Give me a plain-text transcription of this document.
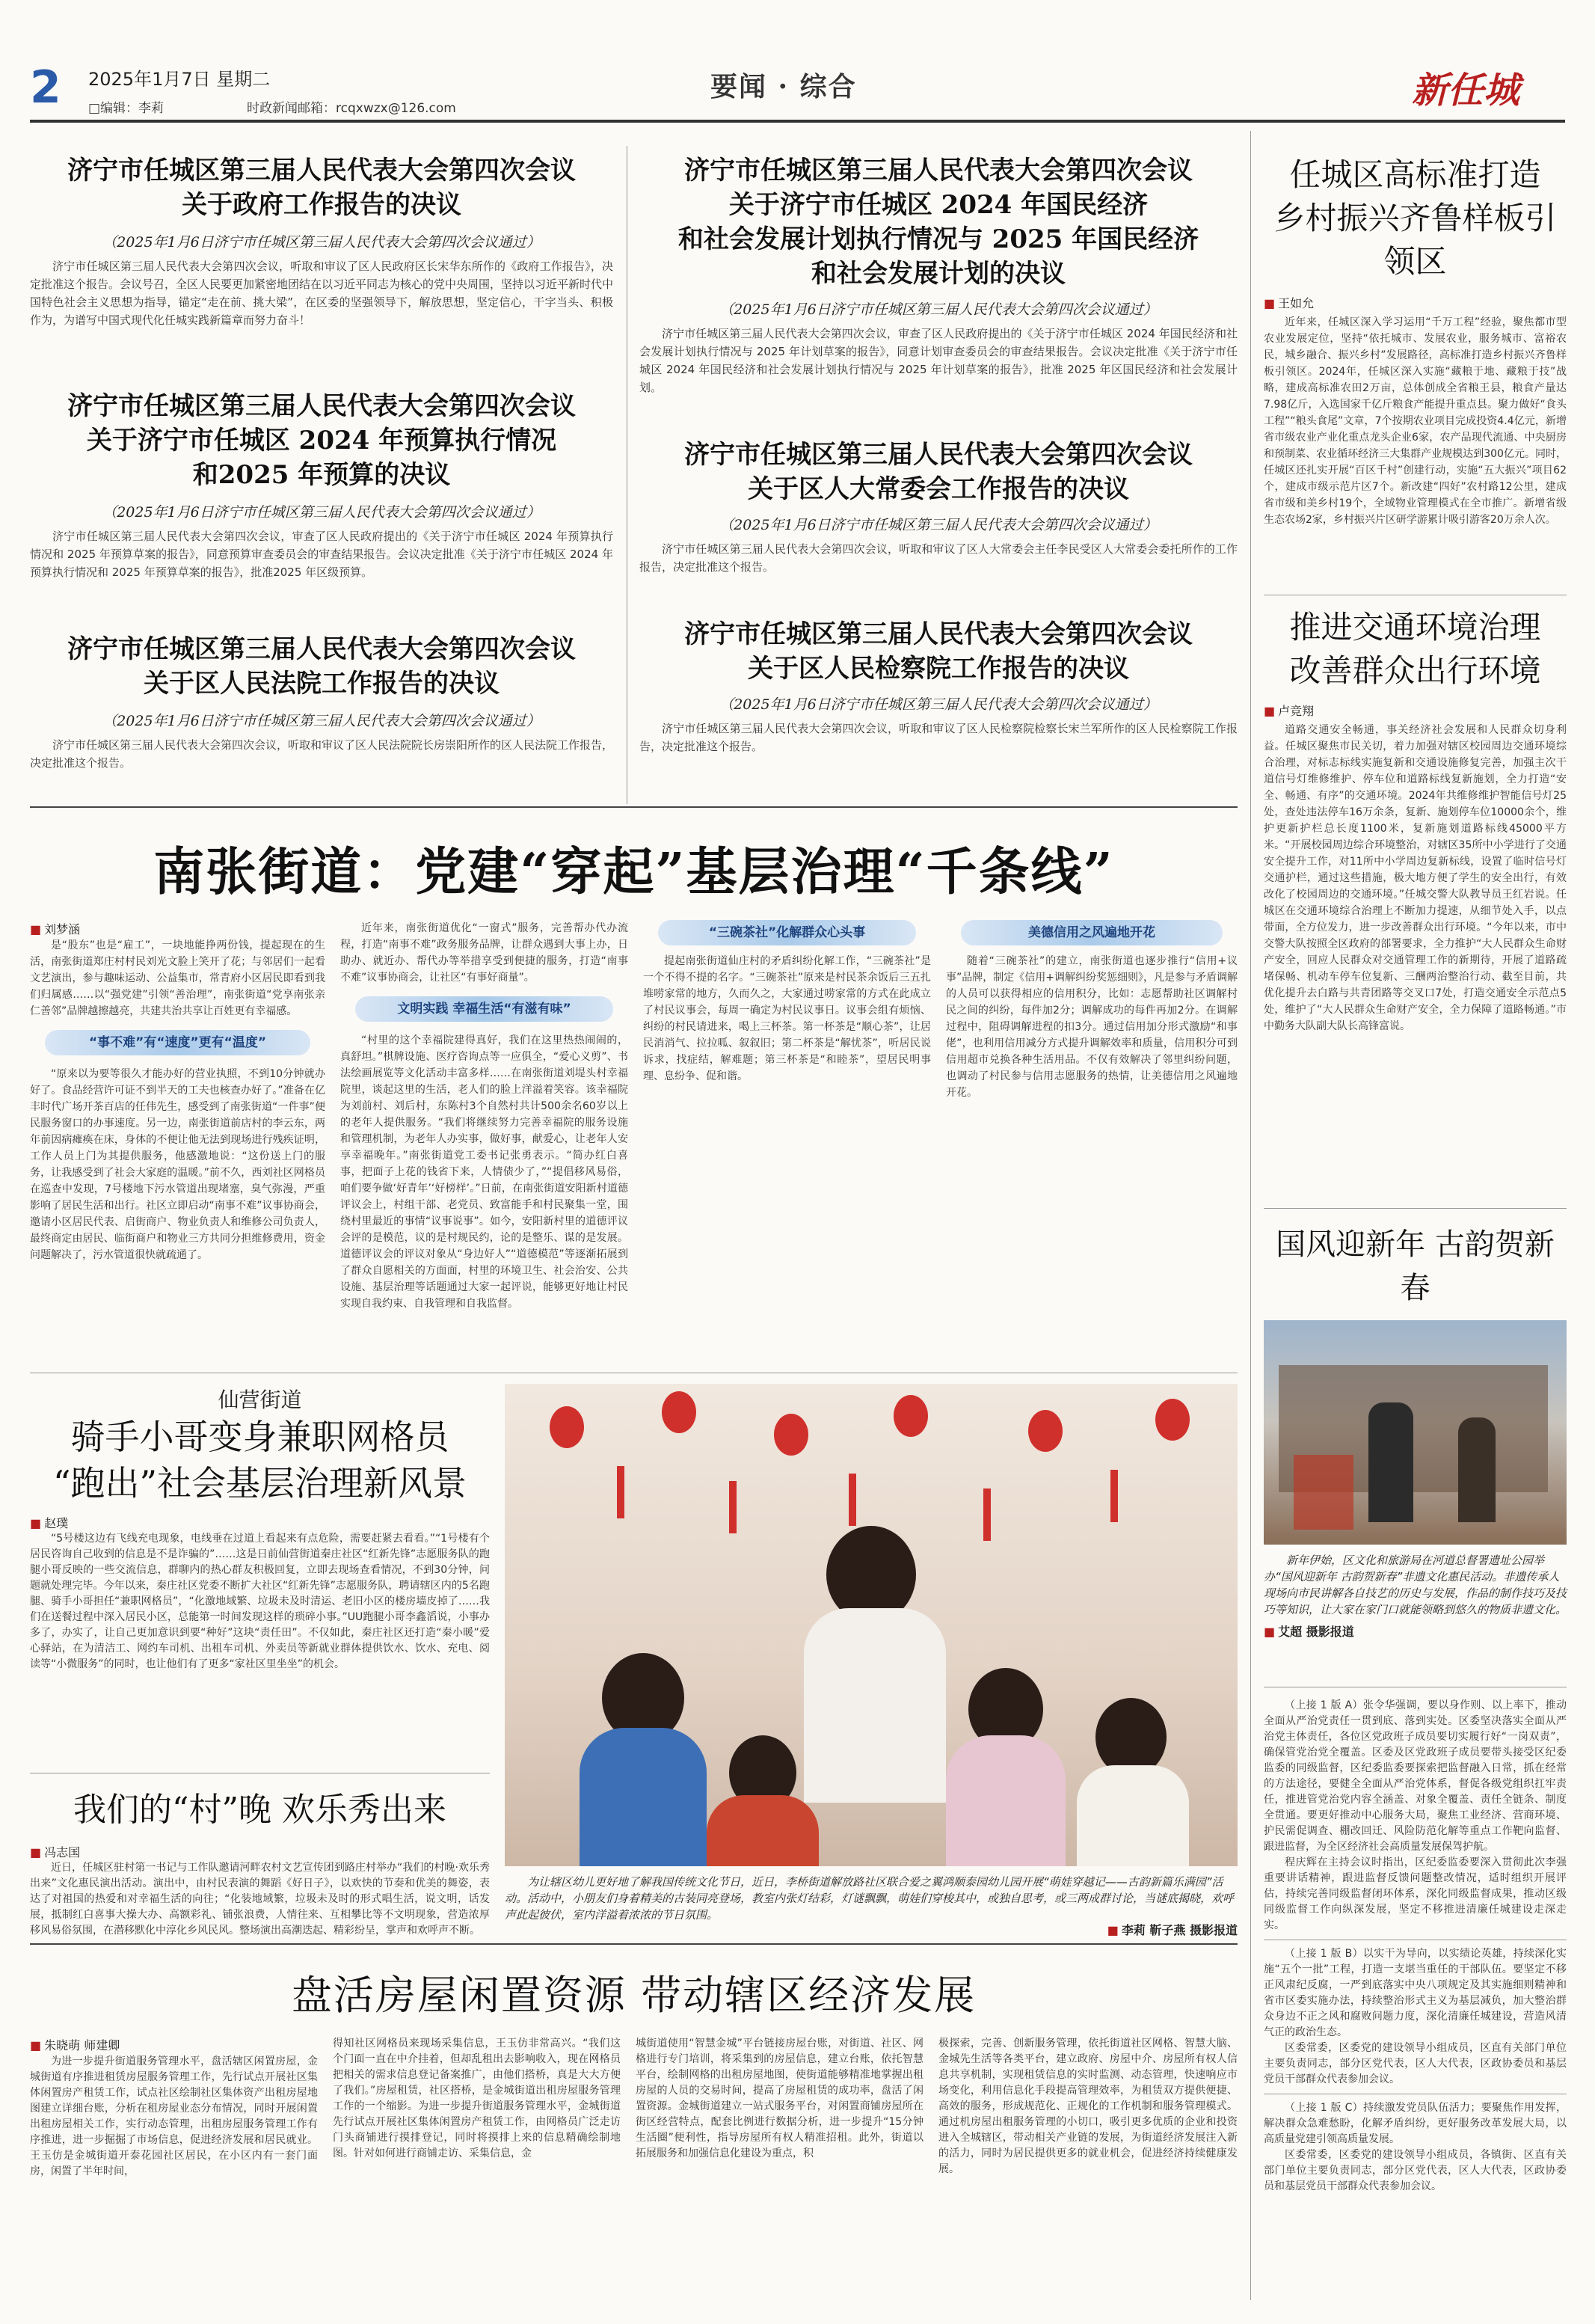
2 2025年1月7日 星期二
□编辑：李莉	时政新闻邮箱：rcqxwzx@126.com
要闻 · 综合	新任城
济宁市任城区第三届人民代表大会第四次会议
关于政府工作报告的决议
（2025年1月6日济宁市任城区第三届人民代表大会第四次会议通过）
济宁市任城区第三届人民代表大会第四次会议，听取和审议了区人民政府区长宋华东所作的《政府工作报告》，决定批准这个报告。会议号召，全区人民要更加紧密地团结在以习近平同志为核心的党中央周围，坚持以习近平新时代中国特色社会主义思想为指导，锚定“走在前、挑大梁”，在区委的坚强领导下，解放思想，坚定信心，干字当头、积极作为，为谱写中国式现代化任城实践新篇章而努力奋斗！
济宁市任城区第三届人民代表大会第四次会议
关于济宁市任城区 2024 年预算执行情况
和2025 年预算的决议
（2025年1月6日济宁市任城区第三届人民代表大会第四次会议通过）
济宁市任城区第三届人民代表大会第四次会议，审查了区人民政府提出的《关于济宁市任城区 2024 年预算执行情况和 2025 年预算草案的报告》，同意预算审查委员会的审查结果报告。会议决定批准《关于济宁市任城区 2024 年预算执行情况和 2025 年预算草案的报告》，批准2025 年区级预算。
济宁市任城区第三届人民代表大会第四次会议
关于区人民法院工作报告的决议
（2025年1月6日济宁市任城区第三届人民代表大会第四次会议通过）
济宁市任城区第三届人民代表大会第四次会议，听取和审议了区人民法院院长房崇阳所作的区人民法院工作报告，决定批准这个报告。
济宁市任城区第三届人民代表大会第四次会议
关于济宁市任城区 2024 年国民经济
和社会发展计划执行情况与 2025 年国民经济
和社会发展计划的决议
（2025年1月6日济宁市任城区第三届人民代表大会第四次会议通过）
济宁市任城区第三届人民代表大会第四次会议，审查了区人民政府提出的《关于济宁市任城区 2024 年国民经济和社会发展计划执行情况与 2025 年计划草案的报告》，同意计划审查委员会的审查结果报告。会议决定批准《关于济宁市任城区 2024 年国民经济和社会发展计划执行情况与 2025 年计划草案的报告》，批准 2025 年区国民经济和社会发展计划。
济宁市任城区第三届人民代表大会第四次会议
关于区人大常委会工作报告的决议
（2025年1月6日济宁市任城区第三届人民代表大会第四次会议通过）
济宁市任城区第三届人民代表大会第四次会议，听取和审议了区人大常委会主任李民受区人大常委会委托所作的工作报告，决定批准这个报告。
济宁市任城区第三届人民代表大会第四次会议
关于区人民检察院工作报告的决议
（2025年1月6日济宁市任城区第三届人民代表大会第四次会议通过）
济宁市任城区第三届人民代表大会第四次会议，听取和审议了区人民检察院检察长宋兰军所作的区人民检察院工作报告，决定批准这个报告。
任城区高标准打造
乡村振兴齐鲁样板引领区
■ 王如允
近年来，任城区深入学习运用“千万工程”经验，聚焦都市型农业发展定位，坚持“依托城市、发展农业，服务城市、富裕农民，城乡融合、振兴乡村”发展路径，高标准打造乡村振兴齐鲁样板引领区。2024年，任城区深入实施“藏粮于地、藏粮于技”战略，建成高标准农田2万亩，总体创成全省粮王县，粮食产量达7.98亿斤，入选国家千亿斤粮食产能提升重点县。聚力做好“食头工程”“粮头食尾”文章，7个按期农业项目完成投资4.4亿元，新增省市级农业产业化重点龙头企业6家，农产品现代流通、中央厨房和预制菜、农业循环经济三大集群产业规模达到300亿元。同时，任城区还扎实开展“百区千村”创建行动，实施“五大振兴”项目62个，建成市级示范片区7个。新改建“四好”农村路12公里，建成省市级和美乡村19个，全域物业管理模式在全市推广。新增省级生态农场2家，乡村振兴片区研学游累计吸引游客20万余人次。
推进交通环境治理
改善群众出行环境
■ 卢竞翔
道路交通安全畅通，事关经济社会发展和人民群众切身利益。任城区聚焦市民关切，着力加强对辖区校园周边交通环境综合治理，对标志标线实施复新和交通设施修复完善，加强主次干道信号灯维修维护、停车位和道路标线复新施划，全力打造“安全、畅通、有序”的交通环境。2024年共维修维护智能信号灯25处，查处违法停车16万余条，复新、施划停车位10000余个，维护更新护栏总长度1100米，复新施划道路标线45000平方米。“开展校园周边综合环境整治，对辖区35所中小学进行了交通安全提升工作，对11所中小学周边复新标线，设置了临时信号灯交通护栏，通过这些措施，极大地方便了学生的安全出行，有效改化了校园周边的交通环境。”任城交警大队教导员王红岩说。任城区在交通环境综合治理上不断加力提速，从细节处入手，以点带面，全方位发力，进一步改善群众出行环境。“今年以来，市中交警大队按照全区政府的部署要求，全力推护“大人民群众生命财产安全，回应人民群众对交通管理工作的新期待，开展了道路疏堵保畅、机动车停车位复新、三酬两治整治行动、截至目前，共优化提升去白路与共青团路等交叉口7处，打造交通安全示范点5处，维护了“大人民群众生命财产安全，全力保障了道路畅通。”市中勤务大队副大队长高锋富说。
国风迎新年 古韵贺新春
新年伊始，区文化和旅游局在河道总督署遗址公园举办“国风迎新年 古韵贺新春”非遗文化惠民活动。非遗传承人现场向市民讲解各自技艺的历史与发展，作品的制作技巧及技巧等知识，让大家在家门口就能领略到悠久的物质非遗文化。
■ 艾超 摄影报道
（上接 1 版 A）张令华强调，要以身作则、以上率下，推动全面从严治党责任一贯到底、落到实处。区委坚决落实全面从严治党主体责任，各位区党政班子成员要切实履行好“一岗双责”，确保管党治党全覆盖。区委及区党政班子成员要带头接受区纪委监委的同级监督，区纪委监委要探索把监督融入日常，抓在经常的方法途径，要健全全面从严治党体系，督促各级党组织扛牢责任，推进管党治党内容全涵盖、对象全覆盖、责任全链条、制度全贯通。要更好推动中心服务大局，聚焦工业经济、营商环境、护民需促调查、棚改回迁、风险防范化解等重点工作靶向监督、跟进监督，为全区经济社会高质量发展保驾护航。
程庆辉在主持会议时指出，区纪委监委要深入贯彻此次李强重要讲话精神，跟进监督反馈问题整改情况，适时组织开展评估，持续完善同级监督闭环体系，深化同级监督成果，推动区级同级监督工作向纵深发展，坚定不移推进清廉任城建设走深走实。
（上接 1 版 B）以实干为导向，以实绩论英雄，持续深化实施“五个一批”工程，打造一支堪当重任的干部队伍。要坚定不移正风肃纪反腐，一严到底落实中央八项规定及其实施细则精神和省市区委实施办法，持续整治形式主义为基层减负，加大整治群众身边不正之风和腐败问题力度，深化清廉任城建设，营造风清气正的政治生态。
区委常委，区委党的建设领导小组成员，区直有关部门单位主要负责同志，部分区党代表，区人大代表，区政协委员和基层党员干部群众代表参加会议。
（上接 1 版 C）持续激发党员队伍活力；要聚焦作用发挥，解决群众急难愁盼，化解矛盾纠纷，更好服务改革发展大局，以高质量党建引领高质量发展。
区委常委，区委党的建设领导小组成员，各镇街、区直有关部门单位主要负责同志，部分区党代表，区人大代表，区政协委员和基层党员干部群众代表参加会议。
南张街道：党建“穿起”基层治理“千条线”
■ 刘梦涵
是“股东”也是“雇工”，一块地能挣两份钱，提起现在的生活，南张街道郑庄村村民刘光文脸上笑开了花；与邻居们一起看文艺演出，参与趣味运动、公益集市，常青府小区居民即看到我们归属感……以“强党建”引领“善治理”，南张街道“党享南张亲仁善邻”品牌越擦越亮，共建共治共享让百姓更有幸福感。
“事不难”有“速度”更有“温度”
“原来以为要等很久才能办好的营业执照，不到10分钟就办好了。食品经营许可证不到半天的工夫也核查办好了。”准备在亿丰时代广场开茶百店的任伟先生，感受到了南张街道“一件事”便民服务窗口的办事速度。另一边，南张街道前店村的李云东，两年前因病瘫痪在床，身体的不便让他无法到现场进行残疾证明，工作人员上门为其提供服务，他感激地说：“这份送上门的服务，让我感受到了社会大家庭的温暖。”前不久，西刘社区网格员在巡查中发现，7号楼地下污水管道出现堵塞，臭气弥漫，严重影响了居民生活和出行。社区立即启动“南事不难”议事协商会，邀请小区居民代表、启街商户、物业负责人和维修公司负责人，最终商定由居民、临街商户和物业三方共同分担维修费用，资金问题解决了，污水管道很快就疏通了。
近年来，南张街道优化“一窗式”服务，完善帮办代办流程，打造“南事不难”政务服务品牌，让群众遇到大事上办，日助办、就近办、帮代办等举措享受到便捷的服务，打造“南事不难”议事协商会，让社区“有事好商量”。
文明实践 幸福生活“有滋有味”
“村里的这个幸福院建得真好，我们在这里热热闹闹的，真舒坦。”棋牌设施、医疗咨询点等一应俱全，“爱心义剪”、书法绘画展览等文化活动丰富多样……在南张街道刘堤头村幸福院里，谈起这里的生活，老人们的脸上洋溢着笑容。该幸福院为刘前村、刘后村，东陈村3个自然村共计500余名60岁以上的老年人提供服务。“我们将继续努力完善幸福院的服务设施和管理机制，为老年人办实事，做好事，献爱心，让老年人安享幸福晚年。”南张街道党工委书记张勇表示。“简办红白喜事，把面子上花的钱省下来，人情债少了，”“提倡移风易俗，咱们要争做‘好青年’‘好榜样’。”日前，在南张街道安阳新村道德评议会上，村组干部、老党员、致富能手和村民聚集一堂，围绕村里最近的事情“议事说事”。如今，安阳新村里的道德评议会评的是模范，议的是村规民约，论的是整乐、谋的是发展。道德评议会的评议对象从“身边好人”“道德模范”等逐渐拓展到了群众自愿相关的方面面，村里的环境卫生、社会治安、公共设施、基层治理等话题通过大家一起评说，能够更好地让村民实现自我约束、自我管理和自我监督。
“三碗茶社”化解群众心头事
提起南张街道仙庄村的矛盾纠纷化解工作，“三碗茶社”是一个不得不提的名字。“三碗茶社”原来是村民茶余饭后三五扎堆唠家常的地方，久而久之，大家通过唠家常的方式在此成立了村民议事会，每周一确定为村民议事日。议事会组有烦恼、纠纷的村民请进来，喝上三杯茶。第一杯茶是“顺心茶”，让居民消消气、拉拉呱、叙叙旧；第二杯茶是“解忧茶”，听居民说诉求，找症结，解难题；第三杯茶是“和睦茶”，望居民明事理、息纷争、促和谐。
美德信用之风遍地开花
随着“三碗茶社”的建立，南张街道也逐步推行“信用+议事”品牌，制定《信用+调解纠纷奖惩细则》，凡是参与矛盾调解的人员可以获得相应的信用积分，比如：志愿帮助社区调解村民之间的纠纷，每件加2分；调解成功的每件再加2分。在调解过程中，阻碍调解进程的扣3分。通过信用加分形式激励“和事佬”，也利用信用减分方式提升调解效率和质量，信用积分可到信用超市兑换各种生活用品。不仅有效解决了邻里纠纷问题，也调动了村民参与信用志愿服务的热情，让美德信用之风遍地开花。
仙营街道
骑手小哥变身兼职网格员
“跑出”社会基层治理新风景
■ 赵璞
“5号楼这边有飞线充电现象，电线垂在过道上看起来有点危险，需要赶紧去看看。”“1号楼有个居民咨询自己收到的信息是不是诈骗的”……这是日前仙营街道秦庄社区“红新先锋”志愿服务队的跑腿小哥反映的一些交流信息，群聊内的热心群友积极回复，立即去现场查看情况，不到30分钟，问题就处理完毕。今年以来，秦庄社区党委不断扩大社区“红新先锋”志愿服务队，聘请辖区内的5名跑腿、骑手小哥担任“兼职网格员”，“化激地域繁、垃圾未及时清运、老旧小区的楼房墙皮掉了……我们在送餐过程中深入居民小区，总能第一时间发现这样的琐碎小事。”UU跑腿小哥李鑫滔说，小事办多了，办实了，让自己更加意识到要“种好”这块“责任田”。不仅如此，秦庄社区还打造“秦小暖”爱心驿站，在为清洁工、网约车司机、出租车司机、外卖员等新就业群体提供饮水、饮水、充电、阅读等“小微服务”的同时，也让他们有了更多“家社区里坐坐”的机会。
我们的“村”晚 欢乐秀出来
■ 冯志国
近日，任城区驻村第一书记与工作队邀请河畔农村文艺宣传团到路庄村举办“我们的村晚·欢乐秀出来”文化惠民演出活动。演出中，由村民表演的舞蹈《好日子》，以欢快的节奏和优美的舞姿，表达了对祖国的热爱和对幸福生活的向往；“化装地域繁，垃圾未及时的形式唱生活，说文明，话发展，抵制红白喜事大操大办、高额彩礼、铺张浪费，人情往来、互相攀比等不文明现象，营造浓厚移风易俗氛围，在潜移默化中淳化乡风民风。整场演出高潮迭起、精彩纷呈，掌声和欢呼声不断。
为让辖区幼儿更好地了解我国传统文化节日，近日，李桥街道解放路社区联合爱之翼鸿顺泰园幼儿园开展“萌娃穿越记——古韵新篇乐满园”活动。活动中，小朋友们身着精美的古装同亮登场，教室内张灯结彩，灯谜飘飘，萌娃们穿梭其中，或独自思考，或三两成群讨论，当谜底揭晓，欢呼声此起彼伏，室内洋溢着浓浓的节日氛围。
■ 李莉 靳子燕 摄影报道
盘活房屋闲置资源 带动辖区经济发展
■ 朱晓萌 师建卿
为进一步提升街道服务管理水平，盘活辖区闲置房屋，金城街道有序推进租赁房屋服务管理工作，先行试点开展社区集体闲置房产租赁工作，试点社区绘制社区集体资产出租房屋地图建立详细台账，分析在租房屋业态分布情况，同时开展闲置出租房屋相关工作，实行动态管理，出租房屋服务管理工作有序推进，进一步掘掘了市场信息，促进经济发展和居民就业。王玉仿是金城街道开泰花园社区居民，在小区内有一套门面房，闲置了半年时间，
得知社区网格员来现场采集信息，王玉仿非常高兴。“我们这个门面一直在中介挂着，但却乱租出去影响收入，现在网格员把相关的需求信息登记备案推广，由他们搭桥，真是大大方便了我们。”房屋租赁，社区搭桥，是金城街道出租房屋服务管理工作的一个缩影。为进一步提升街道服务管理水平，金城街道先行试点开展社区集体闲置房产租赁工作，由网格员广泛走访门头商铺进行摸排登记，同时将摸排上来的信息精确绘制地图。针对如何进行商铺走访、采集信息，金
城街道使用“智慧金城”平台链接房屋台账，对街道、社区、网格进行专门培训，将采集到的房屋信息，建立台账，依托智慧平台，绘制网格的出租房屋地图，使街道能够精准地掌握出租房屋的人员的交易时间，提高了房屋租赁的成功率，盘活了闲置资源。金城街道建立一站式服务平台，对闲置商铺房屋所在街区经营特点，配套比例进行数据分析，进一步提升“15分钟生活圈”便利性，指导房屋所有权人精准招租。此外，街道以拓展服务和加强信息化建设为重点，积
极探索，完善、创新服务管理，依托街道社区网格、智慧大脑、金城先生活等各类平台，建立政府、房屋中介、房屋所有权人信息共享机制，实现租赁信息的实时监测、动态管理，快速响应市场变化，利用信息化手段提高管理效率，为租赁双方提供便捷、高效的服务，形成规范化、正规化的工作机制和服务管理模式。通过机房屋出租服务管理的小切口，吸引更多优质的企业和投资进入全城辖区，带动相关产业链的发展，为街道经济发展注入新的活力，同时为居民提供更多的就业机会，促进经济持续健康发展。
